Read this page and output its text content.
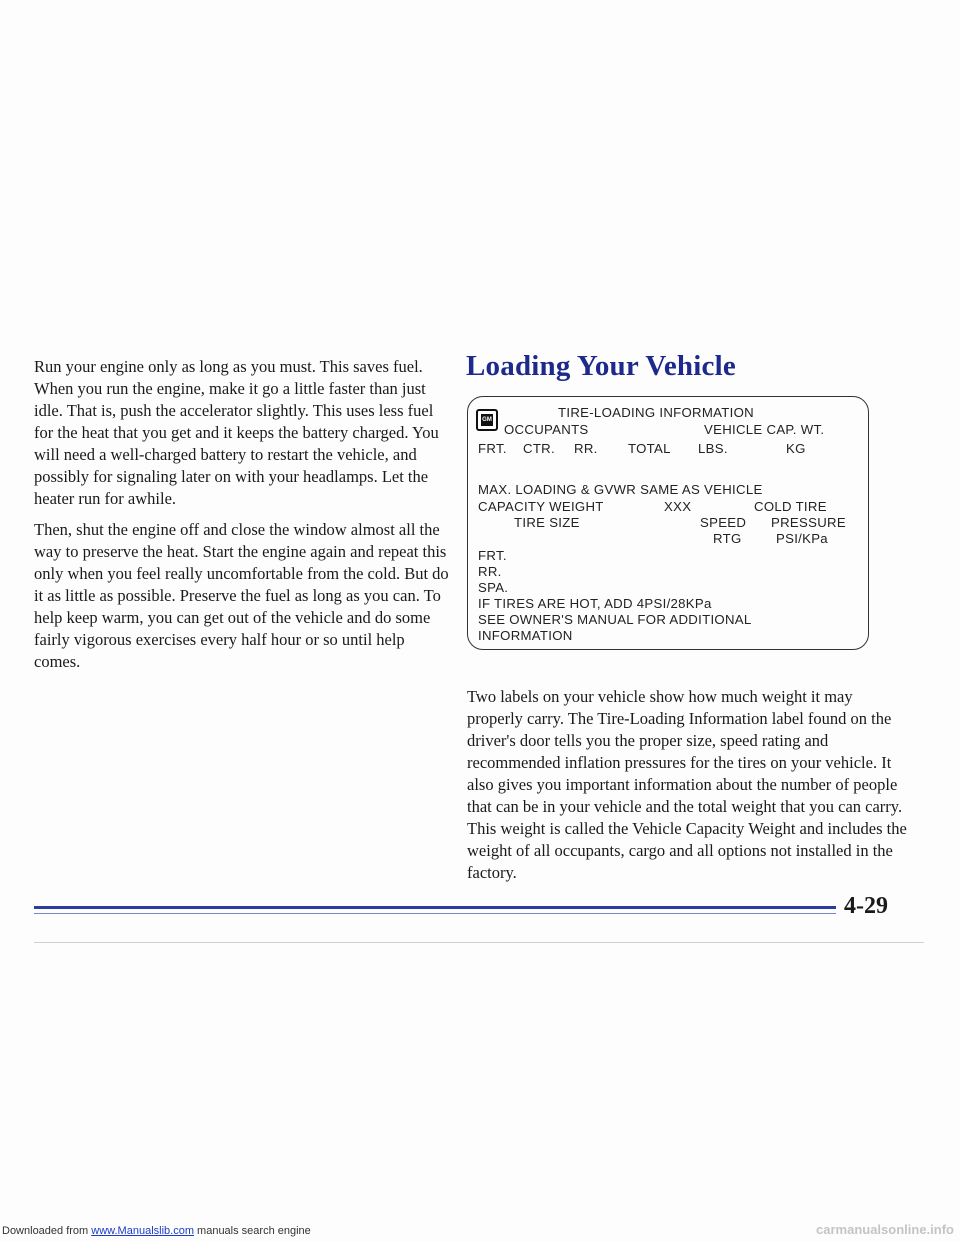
Run your engine only as long as you must. This saves fuel. When you run the engine, make it go a little faster than just idle. That is, push the accelerator slightly. This uses less fuel for the heat that you get and it keeps the battery charged. You will need a well-charged battery to restart the vehicle, and possibly for signaling later on with your headlamps. Let the heater run for awhile.

Then, shut the engine off and close the window almost all the way to preserve the heat. Start the engine again and repeat this only when you feel really uncomfortable from the cold. But do it as little as possible. Preserve the fuel as long as you can. To help keep warm, you can get out of the vehicle and do some fairly vigorous exercises every half hour or so until help comes.

Loading Your Vehicle
GM	TIRE-LOADING INFORMATION
OCCUPANTS	VEHICLE CAP. WT.
FRT. CTR. RR. TOTAL LBS.	KG
MAX. LOADING & GVWR SAME AS VEHICLE
CAPACITY WEIGHT	XXX	COLD TIRE
TIRE SIZE	SPEED PRESSURE
RTG	PSI/KPa
FRT.
RR.
SPA.
IF TIRES ARE HOT, ADD 4PSI/28KPa
SEE OWNER'S MANUAL FOR ADDITIONAL
INFORMATION

Two labels on your vehicle show how much weight it may properly carry. The Tire-Loading Information label found on the driver's door tells you the proper size, speed rating and recommended inflation pressures for the tires on your vehicle. It also gives you important information about the number of people that can be in your vehicle and the total weight that you can carry. This weight is called the Vehicle Capacity Weight and includes the weight of all occupants, cargo and all options not installed in the factory.

4-29
Downloaded from www.Manualslib.com manuals search engine	carmanualsonline.info
